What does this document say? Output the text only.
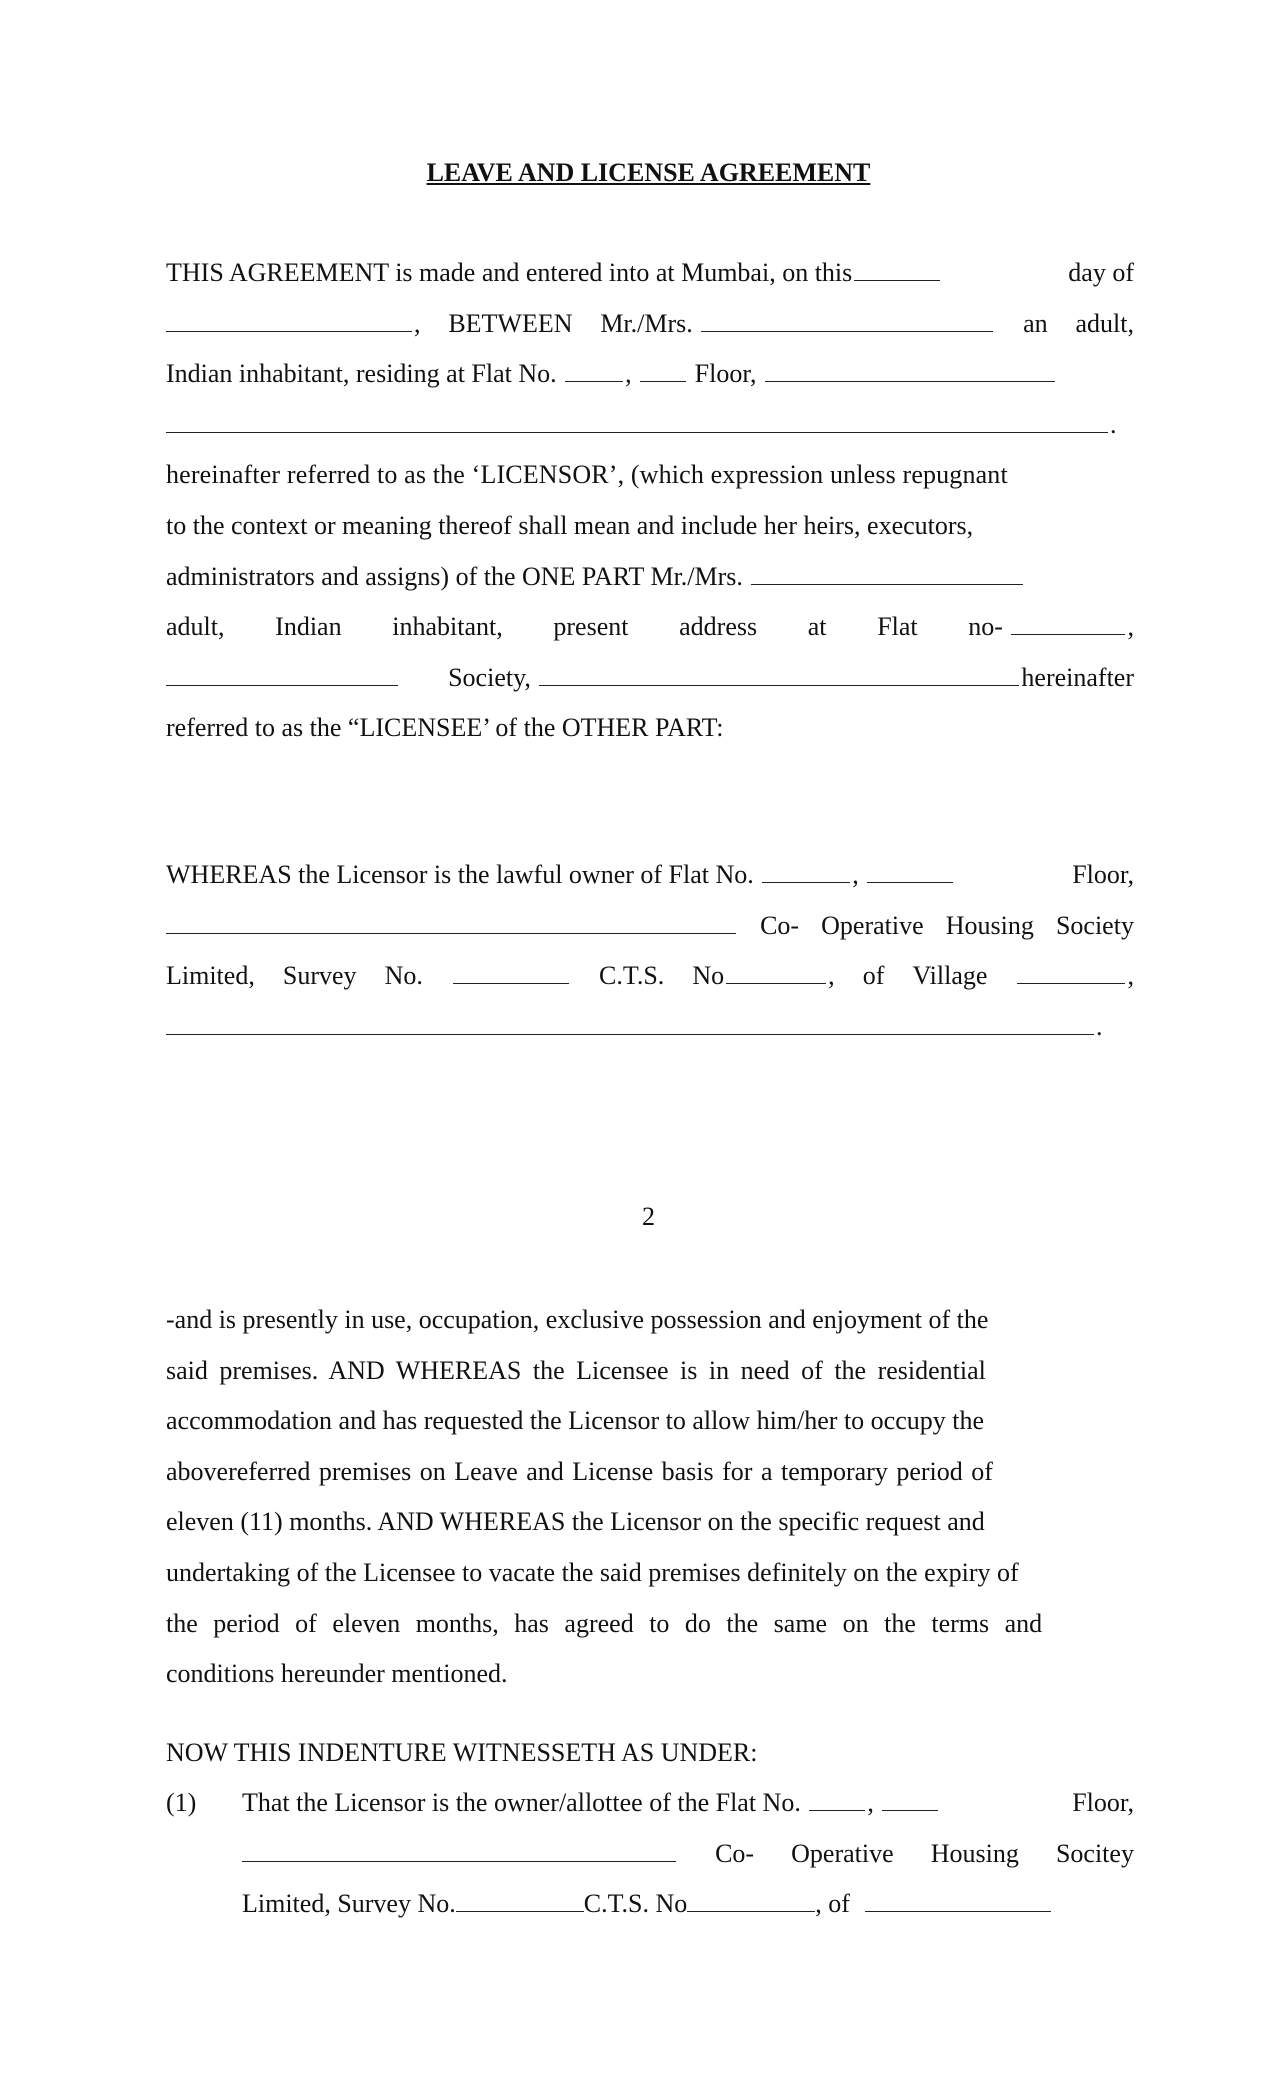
LEAVE AND LICENSE AGREEMENT
THIS AGREEMENT is made and entered into at Mumbai, on this	day of
, BETWEEN Mr./Mrs.	an adult,
Indian inhabitant, residing at Flat No.	, Floor,
.
hereinafter referred to as the ‘LICENSOR’, (which expression unless repugnant
to the context or meaning thereof shall mean and include her heirs, executors,
administrators and assigns) of the ONE PART Mr./Mrs.
adult, Indian inhabitant, present address at Flat no-	,
Society,	hereinafter
referred to as the “LICENSEE’ of the OTHER PART:
WHEREAS the Licensor is the lawful owner of Flat No.	,	Floor,
Co- Operative Housing Society
Limited, Survey No.	C.T.S. No	, of Village	,
.
2
-and is presently in use, occupation, exclusive possession and enjoyment of the
said premises. AND WHEREAS the Licensee is in need of the residential
accommodation and has requested the Licensor to allow him/her to occupy the
abovereferred premises on Leave and License basis for a temporary period of
eleven (11) months. AND WHEREAS the Licensor on the specific request and
undertaking of the Licensee to vacate the said premises definitely on the expiry of
the period of eleven months, has agreed to do the same on the terms and
conditions hereunder mentioned.
NOW THIS INDENTURE WITNESSETH AS UNDER:
(1) That the Licensor is the owner/allottee of the Flat No.	,	Floor,
Co- Operative Housing Socitey
Limited, Survey No.	C.T.S. No	, of
